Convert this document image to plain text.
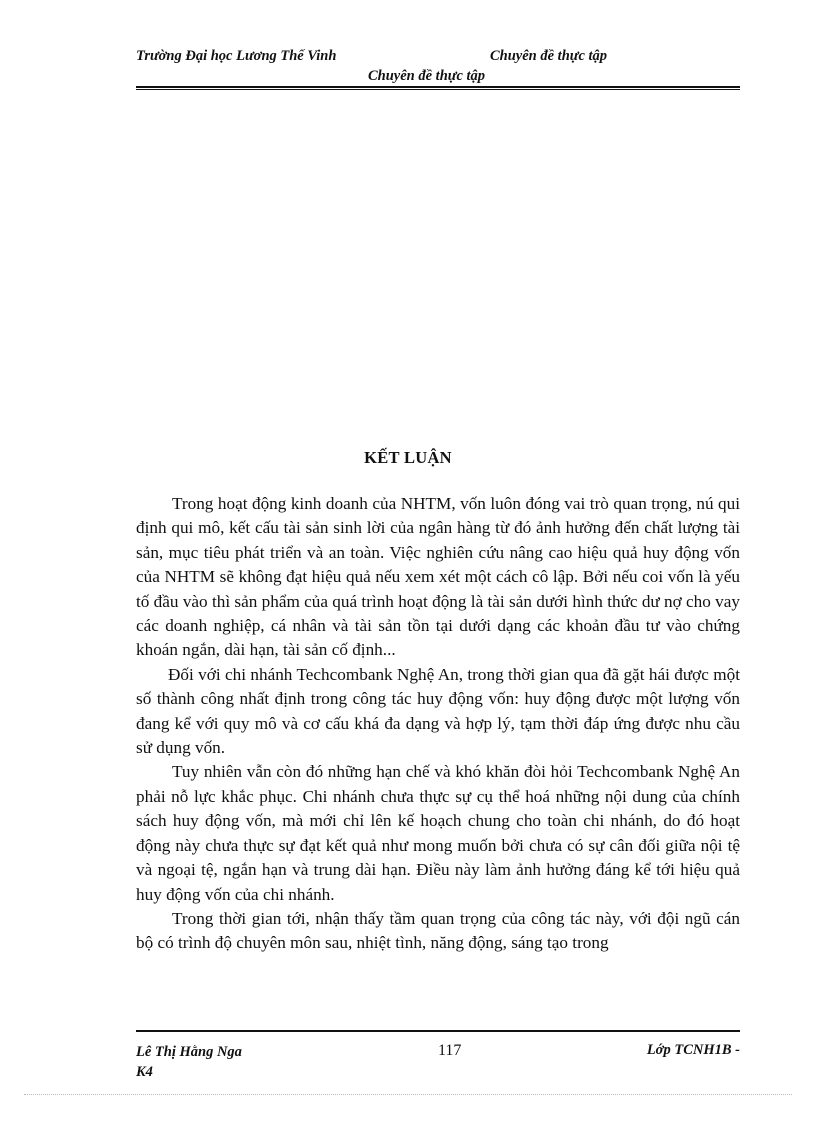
Trường Đại học Lương Thế Vinh	Chuyên đề thực tập
Chuyên đề thực tập
KẾT LUẬN

Trong hoạt động kinh doanh của NHTM, vốn luôn đóng vai trò quan trọng, nú qui định qui mô, kết cấu tài sản sinh lời của ngân hàng từ đó ảnh hưởng đến chất lượng tài sản, mục tiêu phát triển và an toàn. Việc nghiên cứu nâng cao hiệu quả huy động vốn của NHTM sẽ không đạt hiệu quả nếu xem xét một cách cô lập. Bởi nếu coi vốn là yếu tố đầu vào thì sản phẩm của quá trình hoạt động là tài sản dưới hình thức dư nợ cho vay các doanh nghiệp, cá nhân và tài sản tồn tại dưới dạng các khoản đầu tư vào chứng khoán ngắn, dài hạn, tài sản cố định...

Đối với chi nhánh Techcombank Nghệ An, trong thời gian qua đã gặt hái được một số thành công nhất định trong công tác huy động vốn: huy động được một lượng vốn đang kể với quy mô và cơ cấu khá đa dạng và hợp lý, tạm thời đáp ứng được nhu cầu sử dụng vốn.

Tuy nhiên vẫn còn đó những hạn chế và khó khăn đòi hỏi Techcombank Nghệ An phải nỗ lực khắc phục. Chi nhánh chưa thực sự cụ thể hoá những nội dung của chính sách huy động vốn, mà mới chỉ lên kế hoạch chung cho toàn chi nhánh, do đó hoạt động này chưa thực sự đạt kết quả như mong muốn bởi chưa có sự cân đối giữa nội tệ và ngoại tệ, ngắn hạn và trung dài hạn. Điều này làm ảnh hưởng đáng kể tới hiệu quả huy động vốn của chi nhánh.

Trong thời gian tới, nhận thấy tầm quan trọng của công tác này, với đội ngũ cán bộ có trình độ chuyên môn sau, nhiệt tình, năng động, sáng tạo trong

Lê Thị Hằng Nga
K4
117	Lớp TCNH1B -
